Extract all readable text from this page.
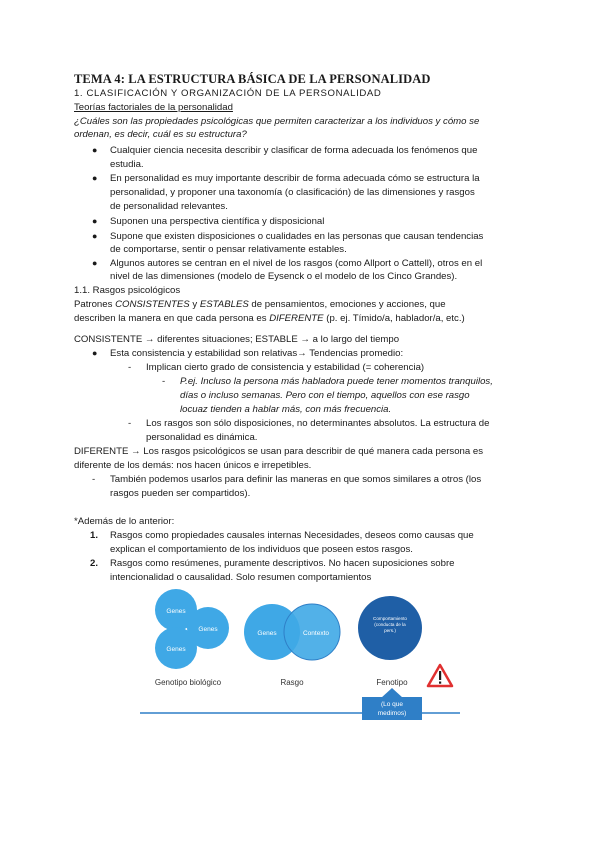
TEMA 4: LA ESTRUCTURA BÁSICA DE LA PERSONALIDAD
1. CLASIFICACIÓN Y ORGANIZACIÓN DE LA PERSONALIDAD
Teorías factoriales de la personalidad
¿Cuáles son las propiedades psicológicas que permiten caracterizar a los individuos y cómo se
ordenan, es decir, cuál es su estructura?
● Cualquier ciencia necesita describir y clasificar de forma adecuada los fenómenos que
estudia.
● En personalidad es muy importante describir de forma adecuada cómo se estructura la
personalidad, y proponer una taxonomía (o clasificación) de las dimensiones y rasgos
de personalidad relevantes.
● Suponen una perspectiva científica y disposicional
● Supone que existen disposiciones o cualidades en las personas que causan tendencias
de comportarse, sentir o pensar relativamente estables.
● Algunos autores se centran en el nivel de los rasgos (como Allport o Cattell), otros en el
nivel de las dimensiones (modelo de Eysenck o el modelo de los Cinco Grandes).
1.1. Rasgos psicológicos
Patrones CONSISTENTES y ESTABLES de pensamientos, emociones y acciones, que
describen la manera en que cada persona es DIFERENTE (p. ej. Tímido/a, hablador/a, etc.)
CONSISTENTE → diferentes situaciones; ESTABLE → a lo largo del tiempo
● Esta consistencia y estabilidad son relativas→ Tendencias promedio:
- Implican cierto grado de consistencia y estabilidad (= coherencia)
- P.ej. Incluso la persona más habladora puede tener momentos tranquilos,
días o incluso semanas. Pero con el tiempo, aquellos con ese rasgo
locuaz tienden a hablar más, con más frecuencia.
- Los rasgos son sólo disposiciones, no determinantes absolutos. La estructura de
personalidad es dinámica.
DIFERENTE → Los rasgos psicológicos se usan para describir de qué manera cada persona es
diferente de los demás: nos hacen únicos e irrepetibles.
- También podemos usarlos para definir las maneras en que somos similares a otros (los
rasgos pueden ser compartidos).
*Además de lo anterior:
1. Rasgos como propiedades causales internas Necesidades, deseos como causas que
explican el comportamiento de los individuos que poseen estos rasgos.
2. Rasgos como resúmenes, puramente descriptivos. No hacen suposiciones sobre
intencionalidad o causalidad. Solo resumen comportamientos
Genes
Genes
Genes
Genes	Contexto
Comportamiento
(conducta de la
pers.)
Genotipo biológico	Rasgo	Fenotipo
(Lo que
medimos)
